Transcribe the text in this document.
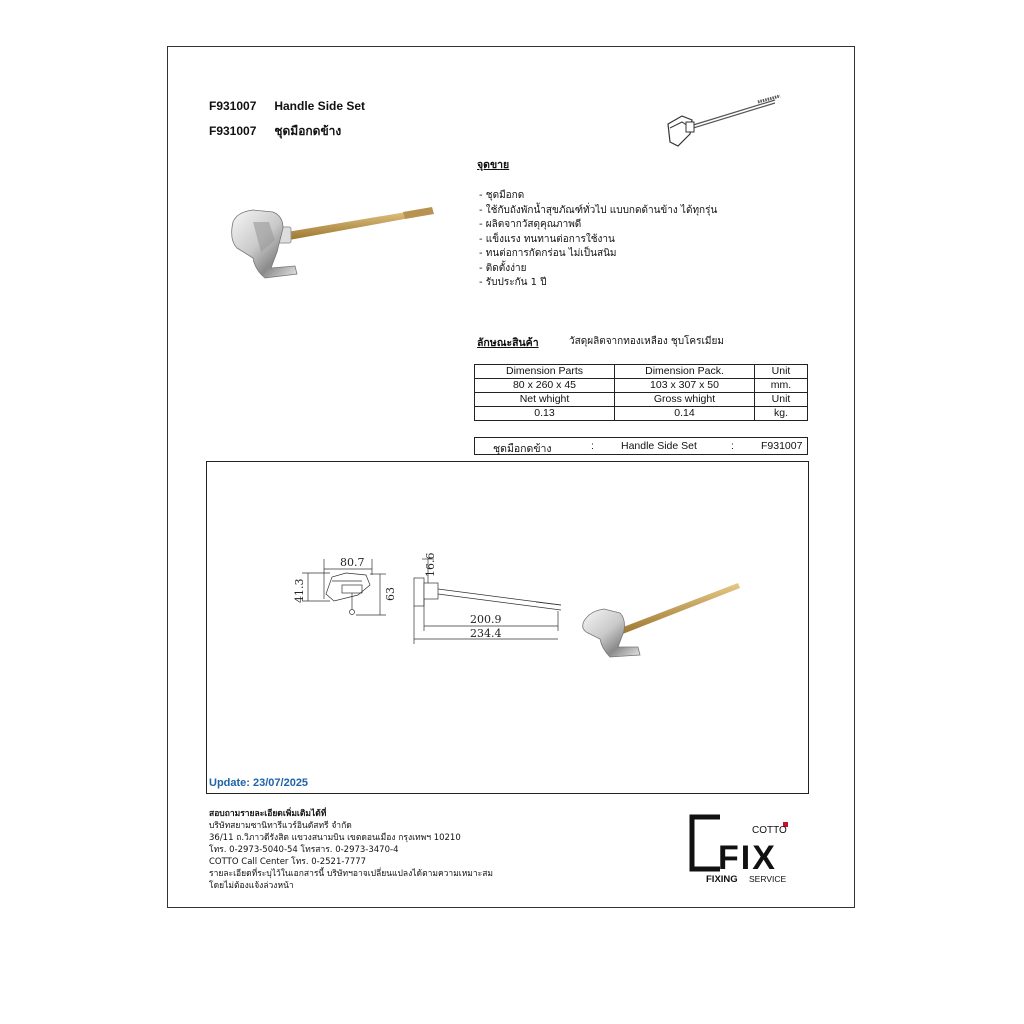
F931007 Handle Side Set
F931007 ชุดมือกดข้าง
จุดขาย
- ชุดมือกด
- ใช้กับถังพักน้ำสุขภัณฑ์ทั่วไป แบบกดด้านข้าง ได้ทุกรุ่น
- ผลิตจากวัสดุคุณภาพดี
- แข็งแรง ทนทานต่อการใช้งาน
- ทนต่อการกัดกร่อน ไม่เป็นสนิม
- ติดตั้งง่าย
- รับประกัน 1 ปี
ลักษณะสินค้า	วัสดุผลิตจากทองเหลือง ชุบโครเมียม
Dimension Parts	Dimension Pack.	Unit
80 x 260 x 45	103 x 307 x 50	mm.
Net whight	Gross whight	Unit
0.13	0.14	kg.
ชุดมือกดข้าง	:	Handle Side Set	:	F931007
80.7
41.3	63
16.6
200.9
234.4
Update: 23/07/2025
สอบถามรายละเอียดเพิ่มเติมได้ที่
บริษัทสยามซานิทารีแวร์อินดัสทรี จำกัด
36/11 ถ.วิภาวดีรังสิต แขวงสนามบิน เขตดอนเมือง กรุงเทพฯ 10210
โทร. 0-2973-5040-54 โทรสาร. 0-2973-3470-4
COTTO Call Center โทร. 0-2521-7777
รายละเอียดที่ระบุไว้ในเอกสารนี้ บริษัทฯอาจเปลี่ยนแปลงได้ตามความเหมาะสม
โดยไม่ต้องแจ้งล่วงหน้า
COTTO
FIX
FIXING SERVICE
